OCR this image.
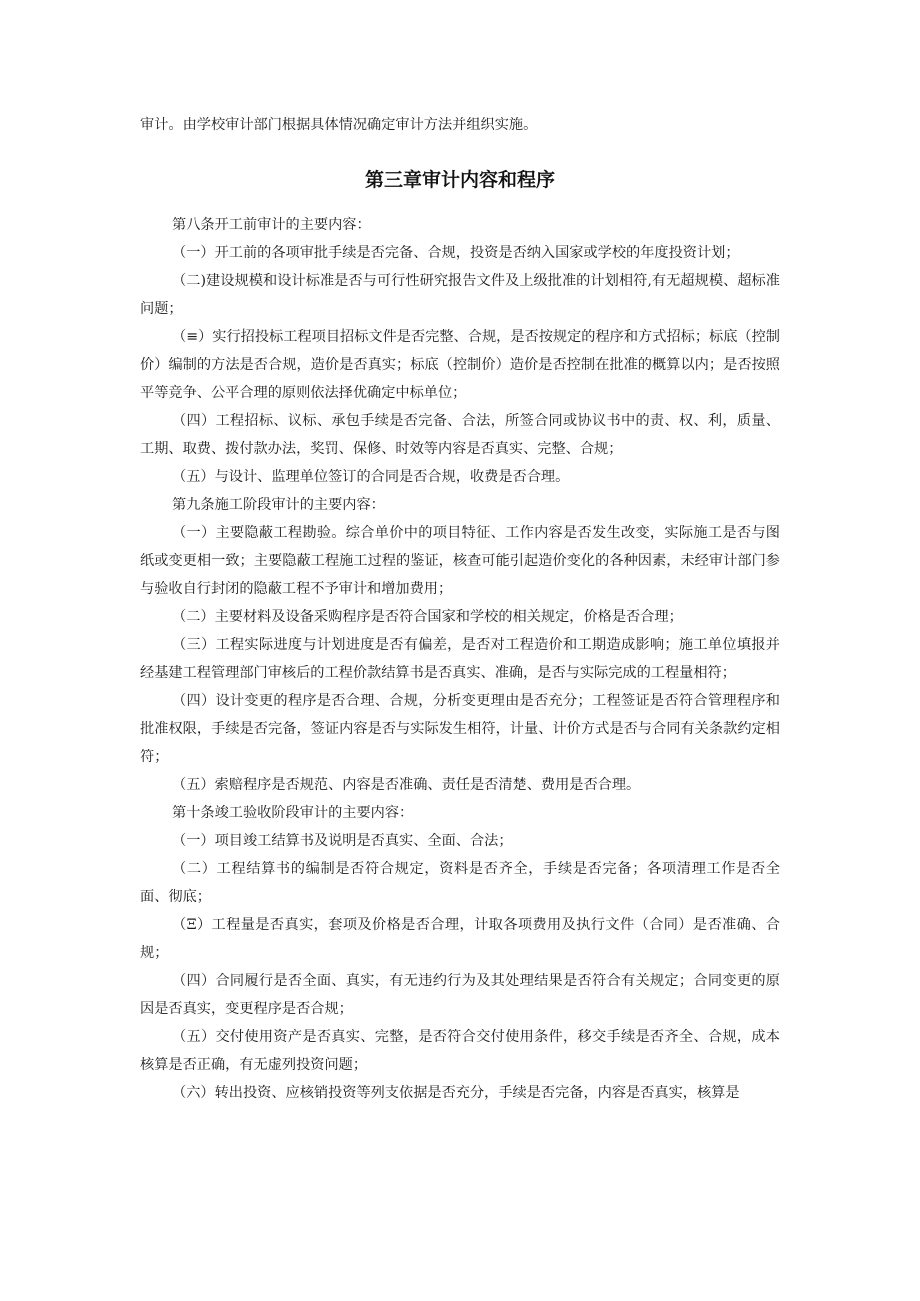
审计。由学校审计部门根据具体情况确定审计方法并组织实施。
第三章审计内容和程序
第八条开工前审计的主要内容：
（一）开工前的各项审批手续是否完备、合规，投资是否纳入国家或学校的年度投资计划；
（二)建设规模和设计标准是否与可行性研究报告文件及上级批准的计划相符,有无超规模、超标准问题；
（≡）实行招投标工程项目招标文件是否完整、合规，是否按规定的程序和方式招标；标底（控制价）编制的方法是否合规，造价是否真实；标底（控制价）造价是否控制在批准的概算以内；是否按照平等竞争、公平合理的原则依法择优确定中标单位；
（四）工程招标、议标、承包手续是否完备、合法，所签合同或协议书中的责、权、利，质量、工期、取费、拨付款办法，奖罚、保修、时效等内容是否真实、完整、合规；
（五）与设计、监理单位签订的合同是否合规，收费是否合理。
第九条施工阶段审计的主要内容：
（一）主要隐蔽工程勘验。综合单价中的项目特征、工作内容是否发生改变，实际施工是否与图纸或变更相一致；主要隐蔽工程施工过程的鉴证，核查可能引起造价变化的各种因素，未经审计部门参与验收自行封闭的隐蔽工程不予审计和增加费用；
（二）主要材料及设备采购程序是否符合国家和学校的相关规定，价格是否合理；
（三）工程实际进度与计划进度是否有偏差，是否对工程造价和工期造成影响；施工单位填报并经基建工程管理部门审核后的工程价款结算书是否真实、准确，是否与实际完成的工程量相符；
（四）设计变更的程序是否合理、合规，分析变更理由是否充分；工程签证是否符合管理程序和批准权限，手续是否完备，签证内容是否与实际发生相符，计量、计价方式是否与合同有关条款约定相符；
（五）索赔程序是否规范、内容是否准确、责任是否清楚、费用是否合理。
第十条竣工验收阶段审计的主要内容：
（一）项目竣工结算书及说明是否真实、全面、合法；
（二）工程结算书的编制是否符合规定，资料是否齐全，手续是否完备；各项清理工作是否全面、彻底；
（Ξ）工程量是否真实，套项及价格是否合理，计取各项费用及执行文件（合同）是否准确、合规；
（四）合同履行是否全面、真实，有无违约行为及其处理结果是否符合有关规定；合同变更的原因是否真实，变更程序是否合规；
（五）交付使用资产是否真实、完整，是否符合交付使用条件，移交手续是否齐全、合规，成本核算是否正确，有无虚列投资问题；
（六）转出投资、应核销投资等列支依据是否充分，手续是否完备，内容是否真实，核算是
